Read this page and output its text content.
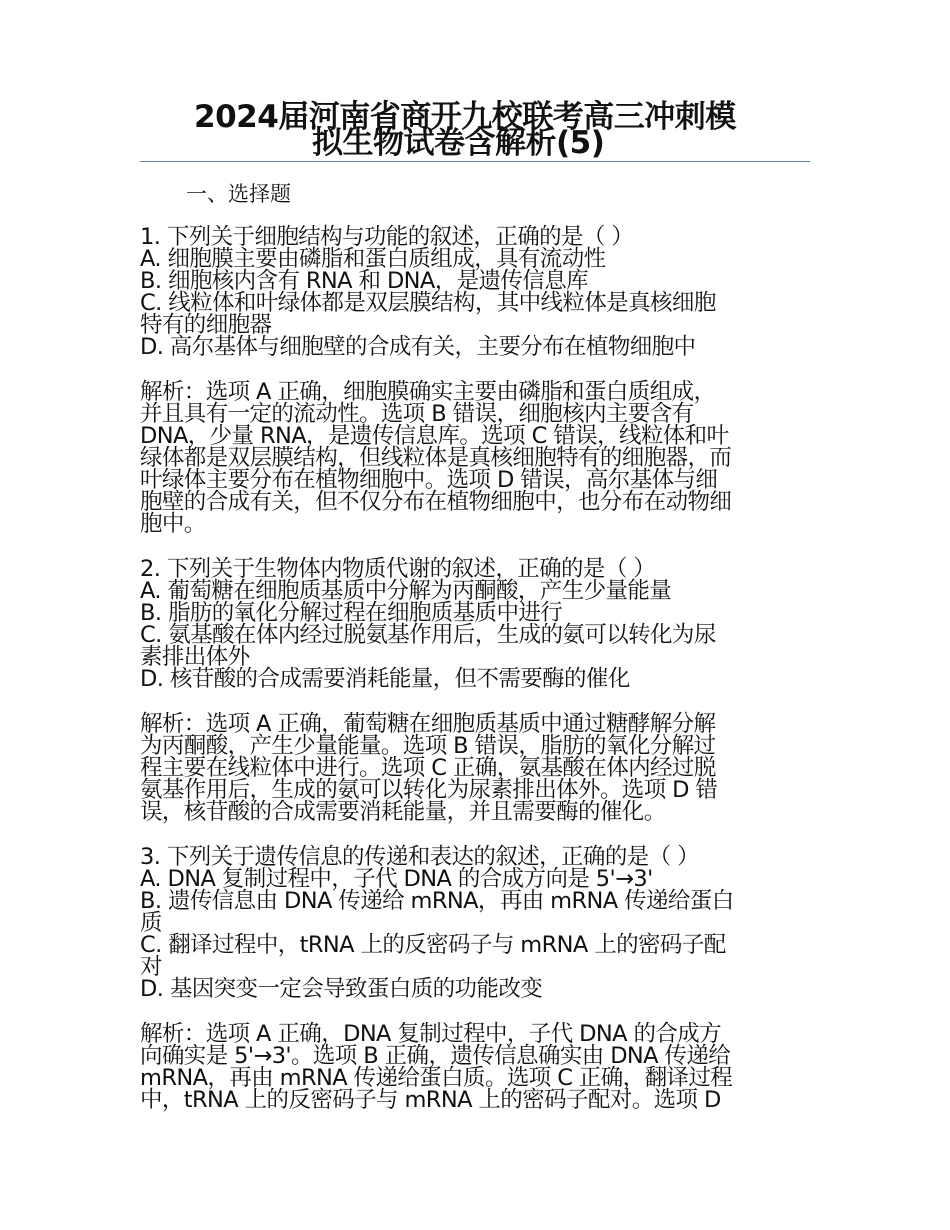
2024届河南省商开九校联考高三冲刺模
拟生物试卷含解析(5)
一、选择题
1. 下列关于细胞结构与功能的叙述，正确的是（ ）
A. 细胞膜主要由磷脂和蛋白质组成，具有流动性
B. 细胞核内含有 RNA 和 DNA，是遗传信息库
C. 线粒体和叶绿体都是双层膜结构，其中线粒体是真核细胞
特有的细胞器
D. 高尔基体与细胞壁的合成有关，主要分布在植物细胞中
解析：选项 A 正确，细胞膜确实主要由磷脂和蛋白质组成，
并且具有一定的流动性。选项 B 错误，细胞核内主要含有
DNA，少量 RNA，是遗传信息库。选项 C 错误，线粒体和叶
绿体都是双层膜结构，但线粒体是真核细胞特有的细胞器，而
叶绿体主要分布在植物细胞中。选项 D 错误，高尔基体与细
胞壁的合成有关，但不仅分布在植物细胞中，也分布在动物细
胞中。
2. 下列关于生物体内物质代谢的叙述，正确的是（ ）
A. 葡萄糖在细胞质基质中分解为丙酮酸，产生少量能量
B. 脂肪的氧化分解过程在细胞质基质中进行
C. 氨基酸在体内经过脱氨基作用后，生成的氨可以转化为尿
素排出体外
D. 核苷酸的合成需要消耗能量，但不需要酶的催化
解析：选项 A 正确，葡萄糖在细胞质基质中通过糖酵解分解
为丙酮酸，产生少量能量。选项 B 错误，脂肪的氧化分解过
程主要在线粒体中进行。选项 C 正确，氨基酸在体内经过脱
氨基作用后，生成的氨可以转化为尿素排出体外。选项 D 错
误，核苷酸的合成需要消耗能量，并且需要酶的催化。
3. 下列关于遗传信息的传递和表达的叙述，正确的是（ ）
A. DNA 复制过程中，子代 DNA 的合成方向是 5'→3'
B. 遗传信息由 DNA 传递给 mRNA，再由 mRNA 传递给蛋白
质
C. 翻译过程中，tRNA 上的反密码子与 mRNA 上的密码子配
对
D. 基因突变一定会导致蛋白质的功能改变
解析：选项 A 正确，DNA 复制过程中，子代 DNA 的合成方
向确实是 5'→3'。选项 B 正确，遗传信息确实由 DNA 传递给
mRNA，再由 mRNA 传递给蛋白质。选项 C 正确，翻译过程
中，tRNA 上的反密码子与 mRNA 上的密码子配对。选项 D
